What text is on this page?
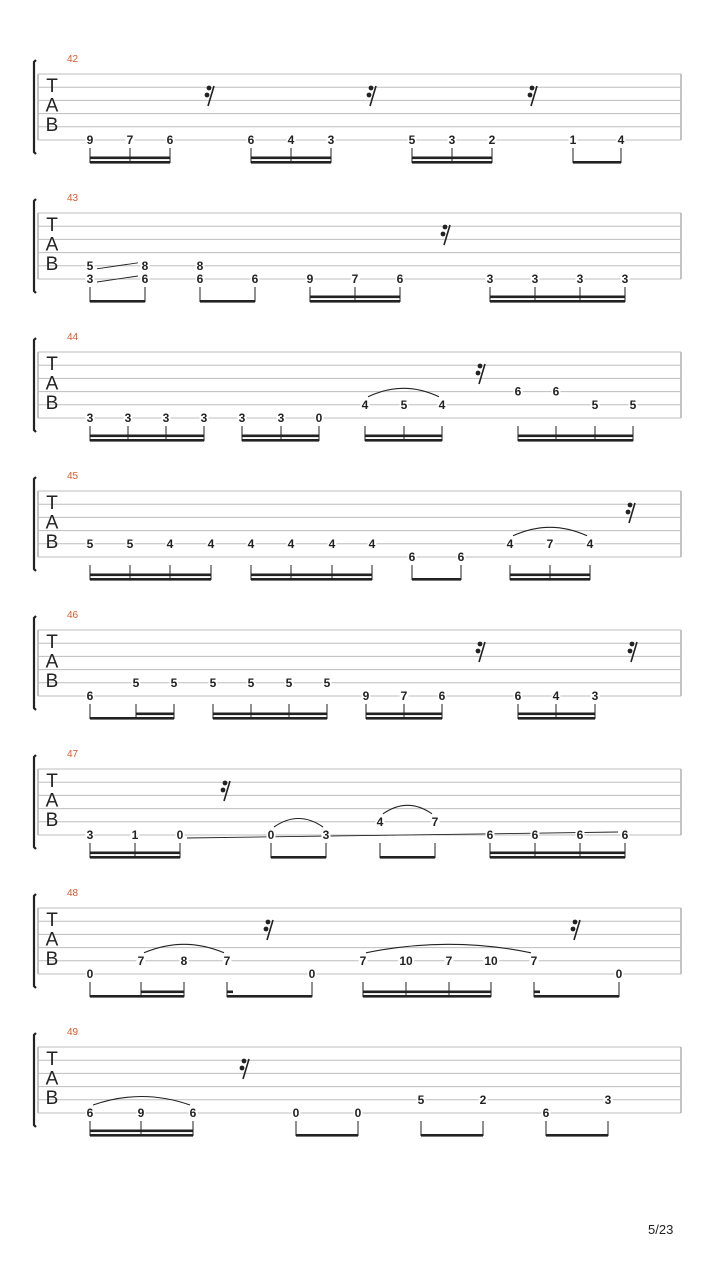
42
T
A
B
9	7	6	6	4	3	5	3	2	1	4
43
T
A
B 5	8
3	6
8
6	6	9	7	6	3	3	3	3
44
T
A
B
3	3	3	3	3	3	0
4	5	4
6	6
5	5
45
T
A
B 5	5	4	4	4	4	4	4
6	6
4	7	4
46
T
A
B
6
5	5	5	5	5	5
9	7	6	6	4	3
47
T
A
B
3	1	0	0	3
4	7
6	6	6	6
48
T
A
B
0
7	8	7
0
7	10	7	10	7
0
49
T
A
B
6	9	6	0	0
5	2
6
3
5/23
